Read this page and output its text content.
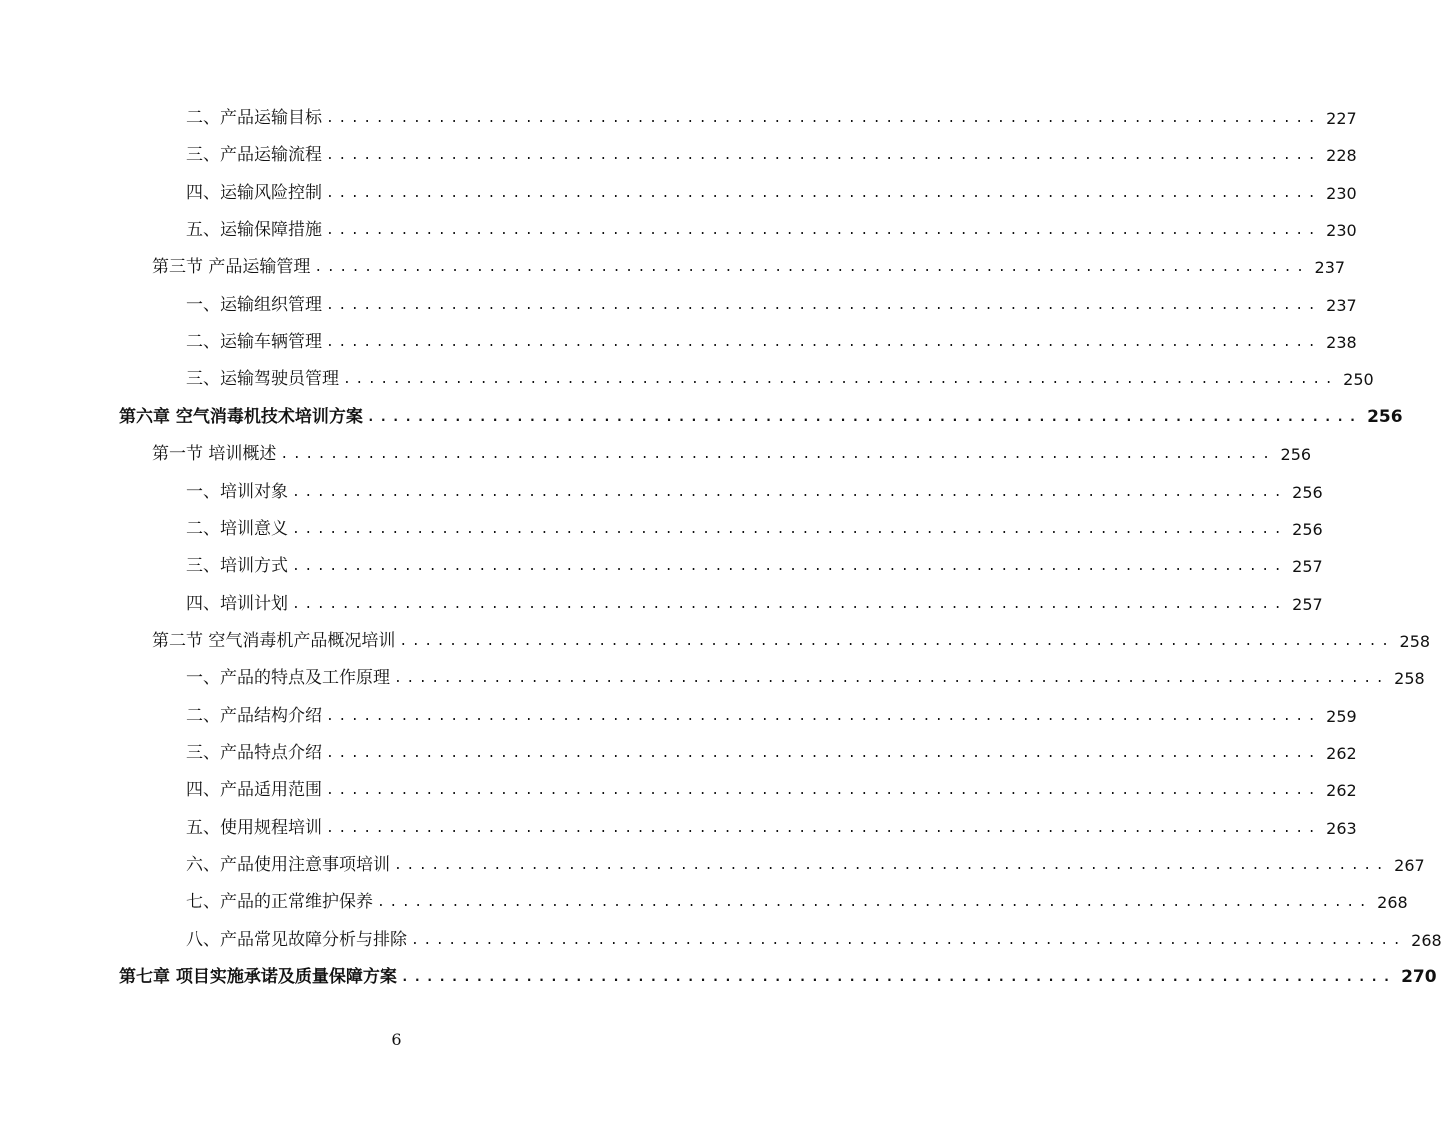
二、产品运输目标 ................................................................................ 227
三、产品运输流程 ................................................................................ 228
四、运输风险控制 ................................................................................ 230
五、运输保障措施 ................................................................................ 230
第三节 产品运输管理 ................................................................................ 237
一、运输组织管理 ................................................................................ 237
二、运输车辆管理 ................................................................................ 238
三、运输驾驶员管理 ................................................................................ 250
第六章 空气消毒机技术培训方案 ................................................................................ 256
第一节 培训概述 ................................................................................ 256
一、培训对象 ................................................................................ 256
二、培训意义 ................................................................................ 256
三、培训方式 ................................................................................ 257
四、培训计划 ................................................................................ 257
第二节 空气消毒机产品概况培训 ................................................................................ 258
一、产品的特点及工作原理 ................................................................................ 258
二、产品结构介绍 ................................................................................ 259
三、产品特点介绍 ................................................................................ 262
四、产品适用范围 ................................................................................ 262
五、使用规程培训 ................................................................................ 263
六、产品使用注意事项培训 ................................................................................ 267
七、产品的正常维护保养 ................................................................................ 268
八、产品常见故障分析与排除 ................................................................................ 268
第七章 项目实施承诺及质量保障方案 ................................................................................ 270
6
